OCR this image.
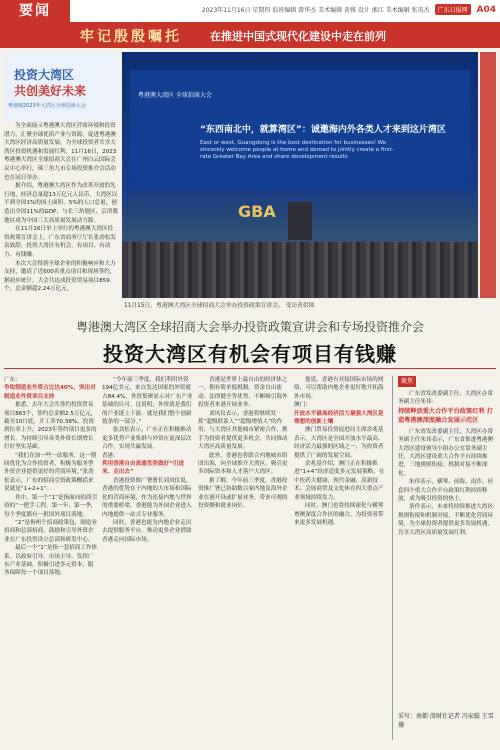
要闻	2023年11月16日 星期四 值班编辑 曾华杰 美术编辑 黄雅 设计 湘江 美术编辑 张英杰 广东日报网 A04
牢记殷殷嘱托	在推进中国式现代化建设中走在前列
投资大湾区
共创美好未来
粤港澳2023年大湾区全球招商大会

为全面展示粤港澳大湾区营商环境和投资潜力，汇聚全球优质产业与资源，促进粤港澳大湾区经济高质量发展，为全球投资者共享大湾区投资机遇和发展红利，11月16日，2023粤港澳大湾区全球招商大会在广州白云国际会议中心举行，珠三角九市专场投资推介会活动也在同日举办。

据介绍，粤港澳大湾区作为改革开放的先行地，经济总量超13万亿元人民币，大湾区以不到全国1%的国土面积、5%的人口总量，创造出全国11%的GDP，与长三角地区、京津冀地区成为中国三大高质量发展动力源。

在11月16日举上举行的粤港澳大湾区投资政策宣讲会上，广东省商务厅厅长张劲松发表致辞，投资大湾区有机会、有项目、有动力、有钱赚。

本次大会得到全球企业的积极响应和大力支持，邀请了近600名重点项目和现场签约，据初步统计，大会共达成投资贸易项目859个，总金额超2.24万亿元。

粤港澳大湾区 全球招商大会
“东西南北中，就算湾区”：诚邀海内外各类人才来到这片湾区
East or west, Guangdong is the best destination for businesses! We sincerely welcome people at home and abroad to jointly create a first-rate Greater Bay Area and share development results
GBA
11月15日，粤港澳大湾区全球招商大会举办投资政策宣讲会。 受访者供图
粤港澳大湾区全球招商大会举办投资政策宣讲会和专场投资推介会
投资大湾区有机会有项目有钱赚

广东：

争取制造业外资占比达40%，突出对制造业外资项目支持

据悉，去年大会共签约投资贸易项目863个，签约总金额2.5万亿元，截至10月底，开工率70.38%，投资到位率上升，2023年签约项目更多的增长，为持续引导各类外资长期增长打好坚实基础。

“我们在加一些一站服务，这一期间优化为合作投资者，积极为服务型外资企业提供更好的营商环境。”张劲松表示，广东的招商引资政策概括来说就是“1+2+1”。

其中，第一个“1”是指面向招商引资的“一把手工程，第一年，第一季，每个季度都有一批国外项目落地。

“2”是指两个招商政策包，制造业招商和总部招商，鼓励和引导外资企业在广东投资设立总部和研发中心。

最后一个“1”是指一套招商工作体系，以政府引导、市场主导，发挥广东产业基础，积极引进多元资本，服务保障每一个项目落地。

“今年前三季度，我们利用外资194亿美元，来自发达国家的外资就占84.4%，外资集聚显示对广东产业基础的认可。这说明，外资就是我们的产业链上下游，就是我们整个创新链条的一部分。”

张劲松表示，广东正在积极推动更多优势产业集群与外资在更深层次合作，实现共赢发展。

香港：

利用香港自由流通优势做好“引进来、走出去”

香港投资推广署署长刘凤仪说，香港的优势在于内地的大市场和国际化的营商环境，作为连接内地与世界的重要桥梁，香港能为外国企业进入内地提供一站式专业服务。

同时，香港也能为内地企业走出去提供服务平台，推动更多企业借助香港走向国际市场。

香港是世界上最自由的经济体之一，拥有简单低税制、资金自由流动、法律健全等优势，不断吸引海外投资者来港开展业务。

刘凤仪表示，香港将继续发挥“超级联系人”“超级增值人”的作用，与大湾区其他城市紧密合作，携手为投资者提供更多机会，共同推动大湾区高质量发展。

此外，香港也将联合内地城市组团出海，向全球推介大湾区，吸引更多国际资本和人才落户大湾区。

据了解，今年前三季度，香港投资推广署已协助数百家内地及海外企业在港开设或扩展业务，带来可观的投资额和就业岗位。

他说，香港有对接国际市场的网络，可以帮助内地企业更好地开拓海外市场。

澳门：

开放水平最高经济活力最强大湾区是理想的创新土壤

澳门贸易投资促进局主席余兆基表示，大湾区是全国开放水平最高、经济活力最强的区域之一，为投资者提供了广阔的发展空间。

余兆基介绍，澳门正在积极推进“1+4”经济适度多元发展策略，在中医药大健康、现代金融、高新技术、会展商贸及文化体育四大重点产业领域持续发力。

同时，澳门也将持续深化与横琴粤澳深度合作区的融合，为投资者带来更多发展机遇。

聚焦

广东省发改委副主任、大湾区办常务副主任朱伟：

持续释放重大合作平台政策红利 打造粤港澳深度融合发展示范区

广东省发改委副主任、大湾区办常务副主任朱伟表示，广东省推进粤港澳大湾区建设领导小组办公室常务副主任，大湾区建设重大合作平台持续推进，三地规则衔接、机制对接不断深化。

朱伟表示，横琴、前海、南沙、河套四个重大合作平台政策红利持续释放，成为吸引投资的热土。

条件表示，未来将持续推进大湾区规则衔接和机制对接，不断优化营商环境，为全球投资者提供更多发展机遇，共享大湾区高质量发展红利。

采写：南都·湾财社记者 冯家聪 王雪珊
